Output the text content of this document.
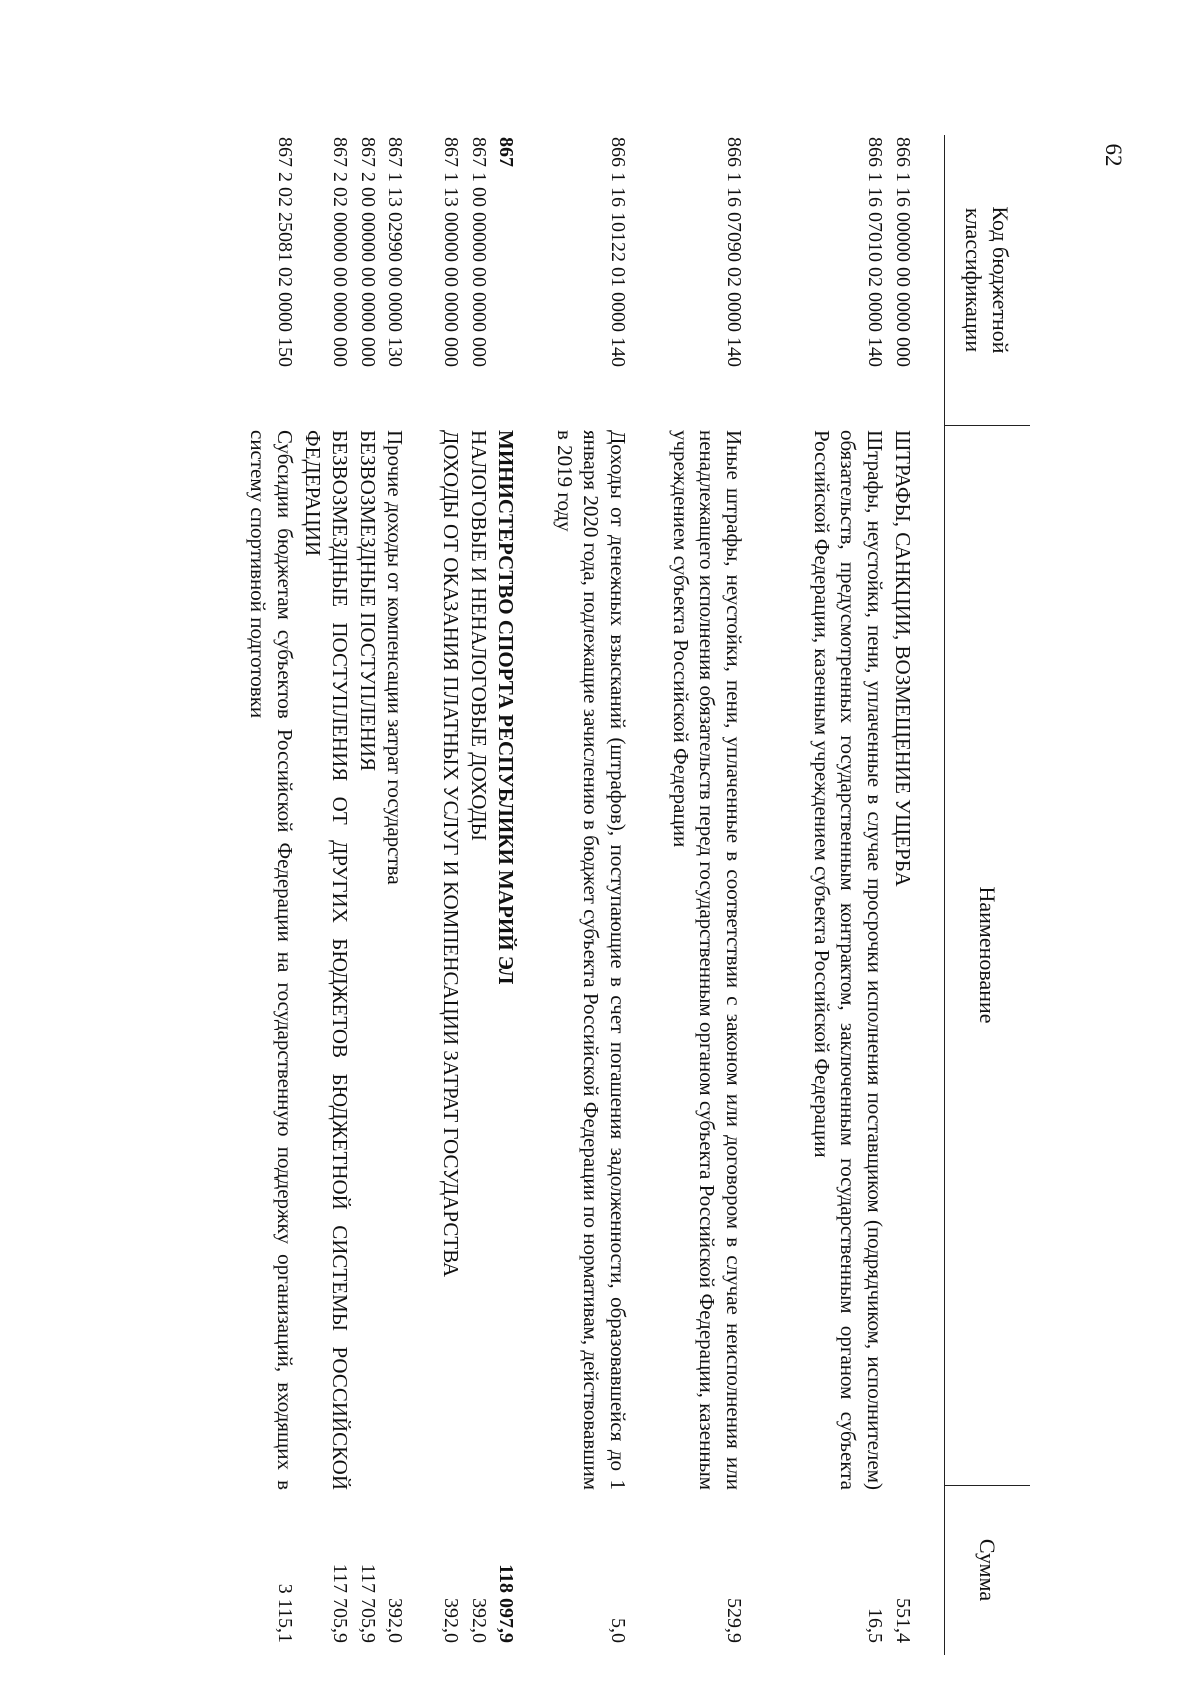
62
Код бюджетной классификации
Наименование
Сумма
866 1 16 00000 00 0000 000
ШТРАФЫ, САНКЦИИ, ВОЗМЕЩЕНИЕ УЩЕРБА
551,4
866 1 16 07010 02 0000 140
Штрафы, неустойки, пени, уплаченные в случае просрочки исполнения поставщиком (подрядчиком, исполнителем) обязательств, предусмотренных государственным контрактом, заключенным государственным органом субъекта Российской Федерации, казенным учреждением субъекта Российской Федерации
16,5
866 1 16 07090 02 0000 140
Иные штрафы, неустойки, пени, уплаченные в соответствии с законом или договором в случае неисполнения или ненадлежащего исполнения обязательств перед государственным органом субъекта Российской Федерации, казенным учреждением субъекта Российской Федерации
529,9
866 1 16 10122 01 0000 140
Доходы от денежных взысканий (штрафов), поступающие в счет погашения задолженности, образовавшейся до 1 января 2020 года, подлежащие зачислению в бюджет субъекта Российской Федерации по нормативам, действовавшим в 2019 году
5,0
867
МИНИСТЕРСТВО СПОРТА РЕСПУБЛИКИ МАРИЙ ЭЛ
118 097,9
867 1 00 00000 00 0000 000
НАЛОГОВЫЕ И НЕНАЛОГОВЫЕ ДОХОДЫ
392,0
867 1 13 00000 00 0000 000
ДОХОДЫ ОТ ОКАЗАНИЯ ПЛАТНЫХ УСЛУГ И КОМПЕНСАЦИИ ЗАТРАТ ГОСУДАРСТВА
392,0
867 1 13 02990 00 0000 130
Прочие доходы от компенсации затрат государства
392,0
867 2 00 00000 00 0000 000
БЕЗВОЗМЕЗДНЫЕ ПОСТУПЛЕНИЯ
117 705,9
867 2 02 00000 00 0000 000
БЕЗВОЗМЕЗДНЫЕ ПОСТУПЛЕНИЯ ОТ ДРУГИХ БЮДЖЕТОВ БЮДЖЕТНОЙ СИСТЕМЫ РОССИЙСКОЙ ФЕДЕРАЦИИ
117 705,9
867 2 02 25081 02 0000 150
Субсидии бюджетам субъектов Российской Федерации на государственную поддержку организаций, входящих в систему спортивной подготовки
3 115,1
